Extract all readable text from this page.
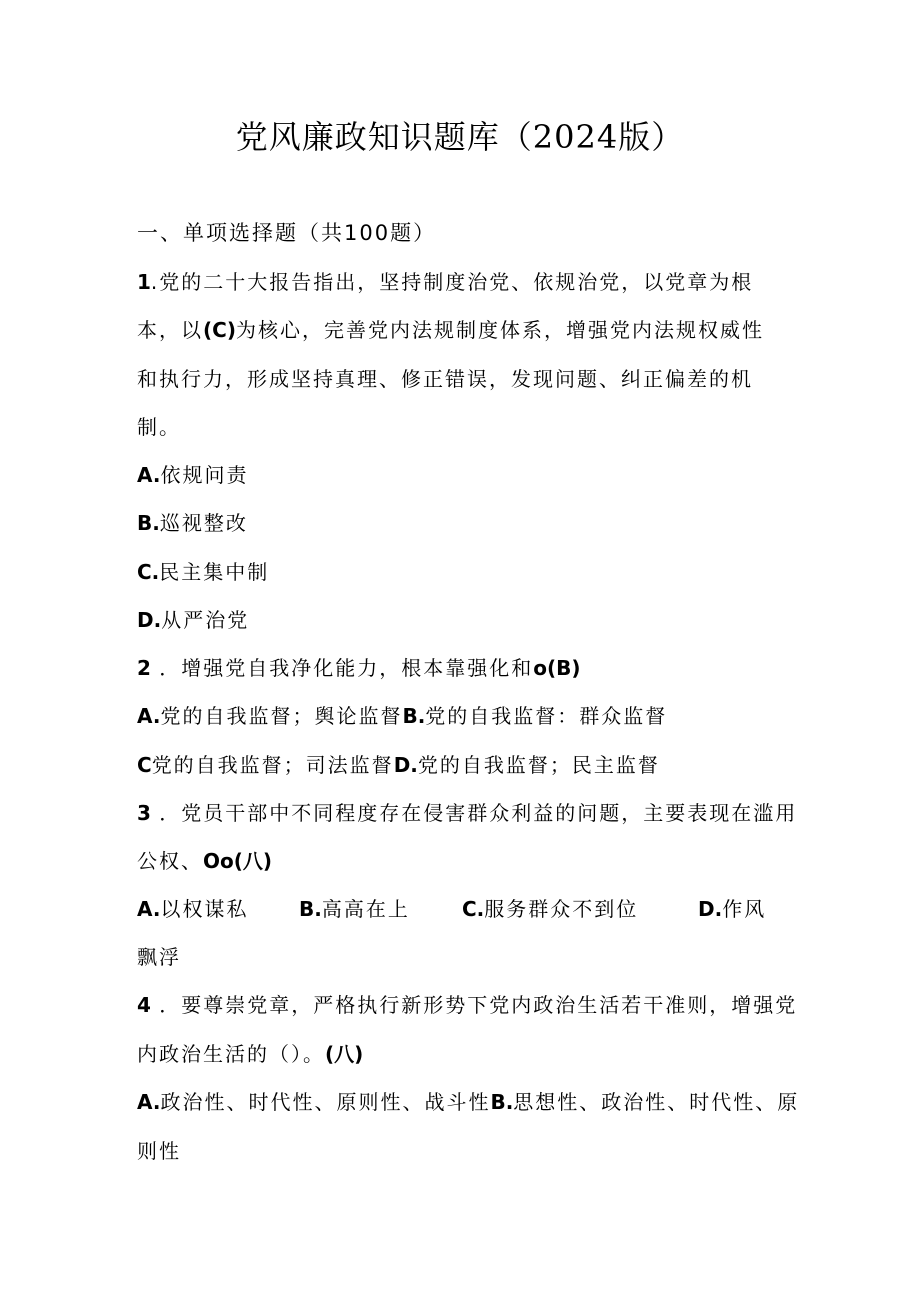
党风廉政知识题库（2024版）
一、单项选择题（共100题）
1.党的二十大报告指出，坚持制度治党、依规治党，以党章为根
本，以(C)为核心，完善党内法规制度体系，增强党内法规权威性
和执行力，形成坚持真理、修正错误，发现问题、纠正偏差的机
制。
A.依规问责
B.巡视整改
C.民主集中制
D.从严治党
2 ．增强党自我净化能力，根本靠强化和o(B)
A.党的自我监督；舆论监督B.党的自我监督：群众监督
C党的自我监督；司法监督D.党的自我监督；民主监督
3 ．党员干部中不同程度存在侵害群众利益的问题，主要表现在滥用
公权、Oo(八)
A.以权谋私	B.高高在上	C.服务群众不到位	D.作风
飘浮
4 ．要尊崇党章，严格执行新形势下党内政治生活若干准则，增强党
内政治生活的（）。(八)
A.政治性、时代性、原则性、战斗性B.思想性、政治性、时代性、原
则性
